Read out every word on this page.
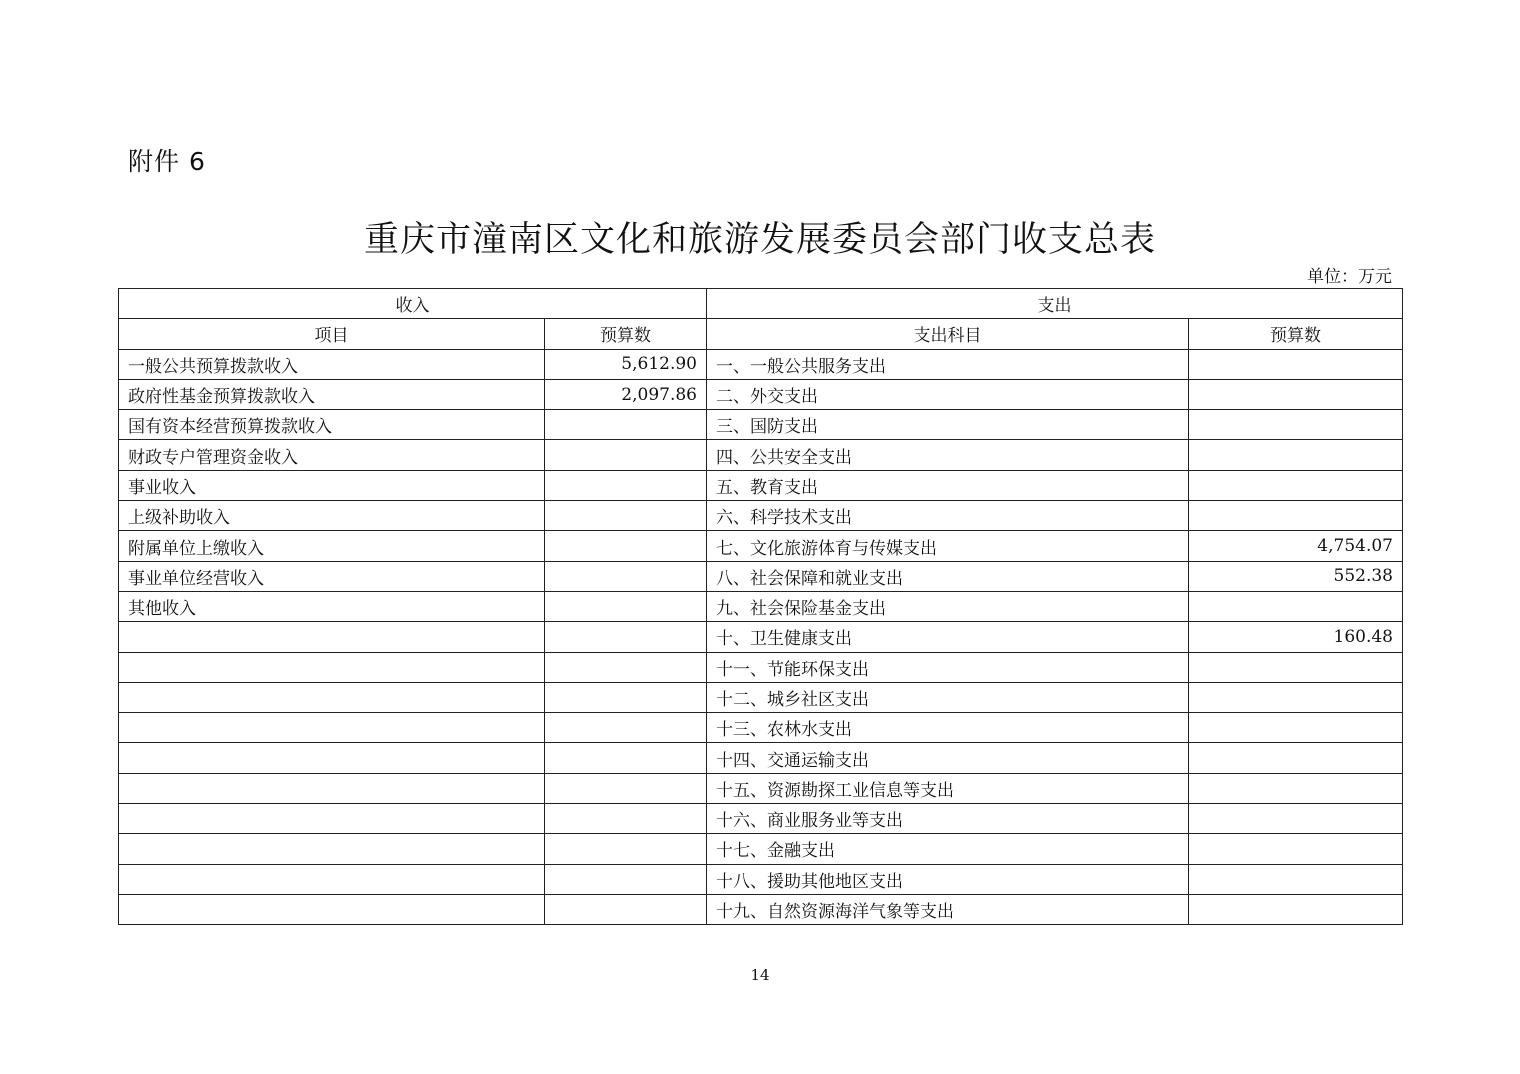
附件 6
重庆市潼南区文化和旅游发展委员会部门收支总表
单位：万元
收入		支出	
项目	预算数	支出科目	预算数
一般公共预算拨款收入	5,612.90	一、一般公共服务支出	
政府性基金预算拨款收入	2,097.86	二、外交支出	
国有资本经营预算拨款收入		三、国防支出	
财政专户管理资金收入		四、公共安全支出	
事业收入		五、教育支出	
上级补助收入		六、科学技术支出	
附属单位上缴收入		七、文化旅游体育与传媒支出	4,754.07
事业单位经营收入		八、社会保障和就业支出	552.38
其他收入		九、社会保险基金支出	
		十、卫生健康支出	160.48
		十一、节能环保支出	
		十二、城乡社区支出	
		十三、农林水支出	
		十四、交通运输支出	
		十五、资源勘探工业信息等支出	
		十六、商业服务业等支出	
		十七、金融支出	
		十八、援助其他地区支出	
		十九、自然资源海洋气象等支出	
14
